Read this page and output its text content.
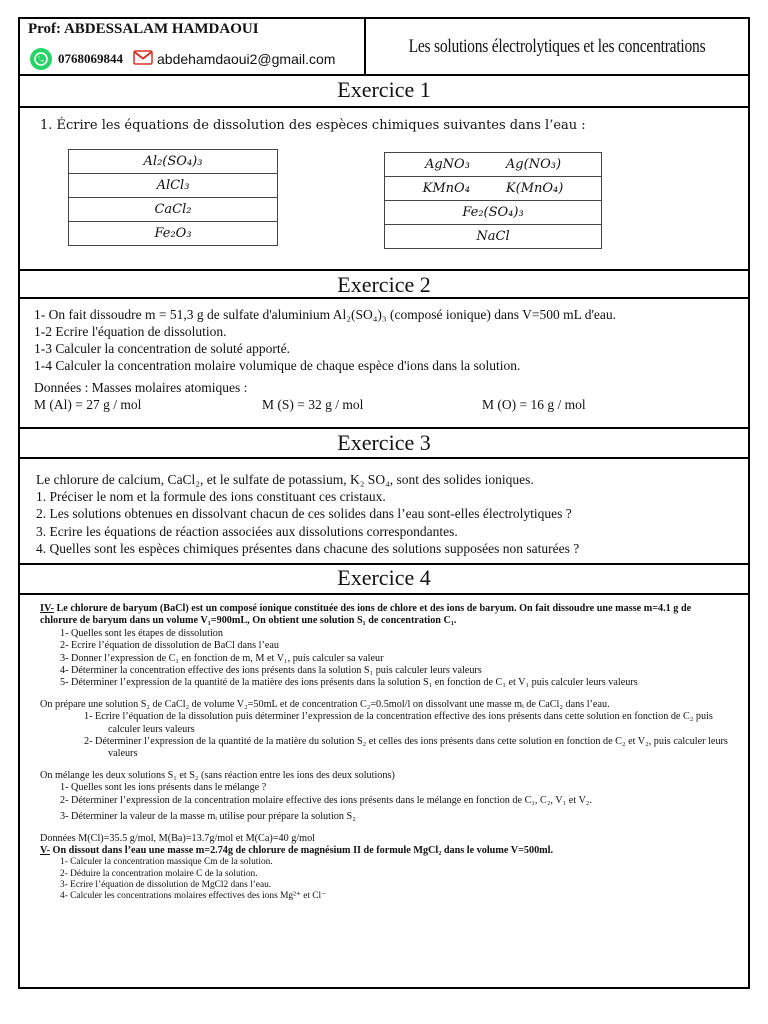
Prof: ABDESSALAM HAMDAOUI
0768069844 abdehamdaoui2@gmail.com
Les solutions électrolytiques et les concentrations
Exercice 1
1. Écrire les équations de dissolution des espèces chimiques suivantes dans l’eau :
Al₂(SO₄)₃
AlCl₃
CaCl₂
Fe₂O₃
AgNO₃	Ag(NO₃)
KMnO₄	K(MnO₄)
Fe₂(SO₄)₃
NaCl
Exercice 2
1- On fait dissoudre m = 51,3 g de sulfate d'aluminium Al₂(SO₄)₃ (composé ionique) dans V=500 mL d'eau.
1-2 Ecrire l'équation de dissolution.
1-3 Calculer la concentration de soluté apporté.
1-4 Calculer la concentration molaire volumique de chaque espèce d'ions dans la solution.
Données : Masses molaires atomiques :
M (Al) = 27 g / mol	M (S) = 32 g / mol	M (O) = 16 g / mol
Exercice 3
Le chlorure de calcium, CaCl₂, et le sulfate de potassium, K₂ SO₄, sont des solides ioniques.
1. Préciser le nom et la formule des ions constituant ces cristaux.
2. Les solutions obtenues en dissolvant chacun de ces solides dans l’eau sont-elles électrolytiques ?
3. Ecrire les équations de réaction associées aux dissolutions correspondantes.
4. Quelles sont les espèces chimiques présentes dans chacune des solutions supposées non saturées ?
Exercice 4
IV- Le chlorure de baryum (BaCl) est un composé ionique constituée des ions de chlore et des ions de baryum. On fait dissoudre une masse m=4.1 g de chlorure de baryum dans un volume V₁=900mL, On obtient une solution S₁ de concentration C₁.
1- Quelles sont les étapes de dissolution
2- Ecrire l’équation de dissolution de BaCl dans l’eau
3- Donner l’expression de C₁ en fonction de m, M et V₁, puis calculer sa valeur
4- Déterminer la concentration effective des ions présents dans la solution S₁ puis calculer leurs valeurs
5- Déterminer l’expression de la quantité de la matière des ions présents dans la solution S₁ en fonction de C₁ et V₁ puis calculer leurs valeurs
On prépare une solution S₂ de CaCl₂ de volume V₂=50mL et de concentration C₂=0.5mol/l on dissolvant une masse mᵢ de CaCl₂ dans l’eau.
1- Ecrire l’équation de la dissolution puis déterminer l’expression de la concentration effective des ions présents dans cette solution en fonction de C₂ puis calculer leurs valeurs
2- Déterminer l’expression de la quantité de la matière du solution S₂ et celles des ions présents dans cette solution en fonction de C₂ et V₂, puis calculer leurs valeurs
On mélange les deux solutions S₁ et S₂ (sans réaction entre les ions des deux solutions)
1- Quelles sont les ions présents dans le mélange ?
2- Déterminer l’expression de la concentration molaire effective des ions présents dans le mélange en fonction de C₁, C₂, V₁ et V₂.
3- Déterminer la valeur de la masse mᵢ utilise pour prépare la solution S₂
Données M(Cl)=35.5 g/mol, M(Ba)=13.7g/mol et M(Ca)=40 g/mol
V- On dissout dans l’eau une masse m=2.74g de chlorure de magnésium II de formule MgCl₂ dans le volume V=500ml.
1- Calculer la concentration massique Cm de la solution.
2- Déduire la concentration molaire C de la solution.
3- Ecrire l’équation de dissolution de MgCl2 dans l’eau.
4- Calculer les concentrations molaires effectives des ions Mg²⁺ et Cl⁻
